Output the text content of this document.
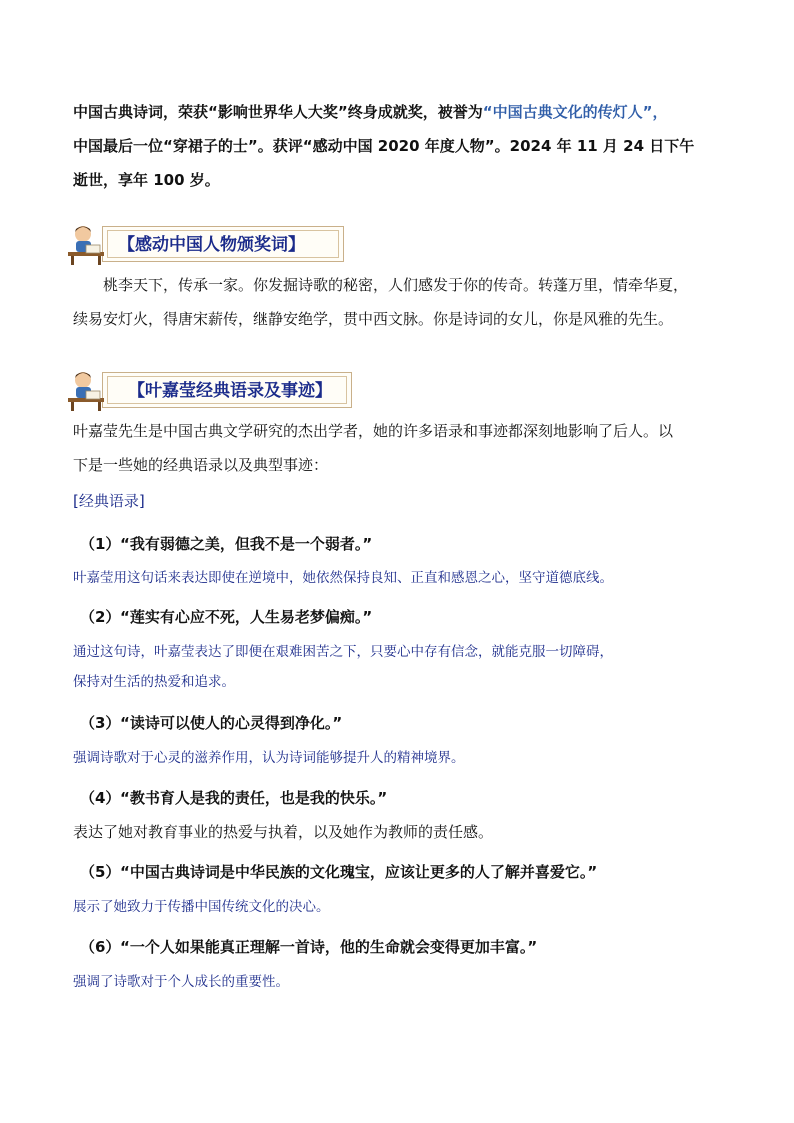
中国古典诗词，荣获“影响世界华人大奖”终身成就奖，被誉为“中国古典文化的传灯人”，
中国最后一位“穿裙子的士”。获评“感动中国 2020 年度人物”。2024 年 11 月 24 日下午
逝世，享年 100 岁。
【感动中国人物颁奖词】
桃李天下，传承一家。你发掘诗歌的秘密，人们感发于你的传奇。转蓬万里，情牵华夏，
续易安灯火，得唐宋薪传，继静安绝学，贯中西文脉。你是诗词的女儿，你是风雅的先生。
【叶嘉莹经典语录及事迹】
叶嘉莹先生是中国古典文学研究的杰出学者，她的许多语录和事迹都深刻地影响了后人。以
下是一些她的经典语录以及典型事迹：
[经典语录]
（1）“我有弱德之美，但我不是一个弱者。”
叶嘉莹用这句话来表达即使在逆境中，她依然保持良知、正直和感恩之心，坚守道德底线。
（2）“莲实有心应不死，人生易老梦偏痴。”
通过这句诗，叶嘉莹表达了即便在艰难困苦之下，只要心中存有信念，就能克服一切障碍，
保持对生活的热爱和追求。
（3）“读诗可以使人的心灵得到净化。”
强调诗歌对于心灵的滋养作用，认为诗词能够提升人的精神境界。
（4）“教书育人是我的责任，也是我的快乐。”
表达了她对教育事业的热爱与执着，以及她作为教师的责任感。
（5）“中国古典诗词是中华民族的文化瑰宝，应该让更多的人了解并喜爱它。”
展示了她致力于传播中国传统文化的决心。
（6）“一个人如果能真正理解一首诗，他的生命就会变得更加丰富。”
强调了诗歌对于个人成长的重要性。
